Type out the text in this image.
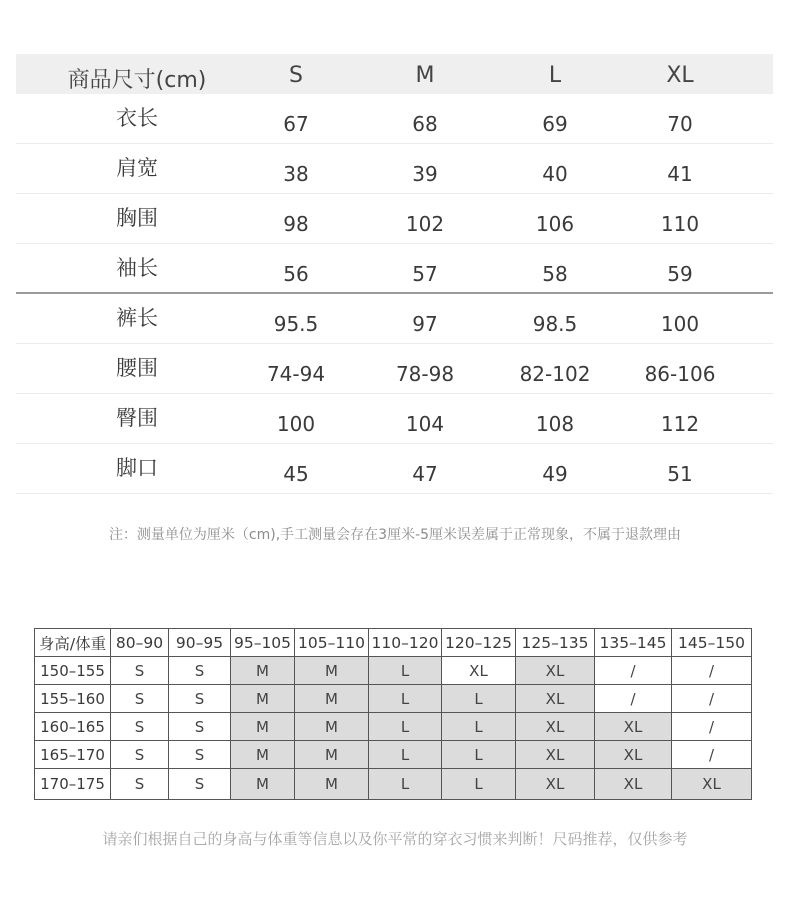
商品尺寸(cm)	S	M	L	XL
衣长	67	68	69	70
肩宽	38	39	40	41
胸围	98	102	106	110
袖长	56	57	58	59
裤长	95.5	97	98.5	100
腰围	74-94	78-98	82-102	86-106
臀围	100	104	108	112
脚口	45	47	49	51
注：测量单位为厘米（cm),手工测量会存在3厘米-5厘米误差属于正常现象，不属于退款理由
身高/体重	80–90	90–95	95–105	105–110	110–120	120–125	125–135	135–145	145–150
150–155	S	S	M	M	L	XL	XL	/	/
155–160	S	S	M	M	L	L	XL	/	/
160–165	S	S	M	M	L	L	XL	XL	/
165–170	S	S	M	M	L	L	XL	XL	/
170–175	S	S	M	M	L	L	XL	XL	XL
请亲们根据自己的身高与体重等信息以及你平常的穿衣习惯来判断！尺码推荐，仅供参考
